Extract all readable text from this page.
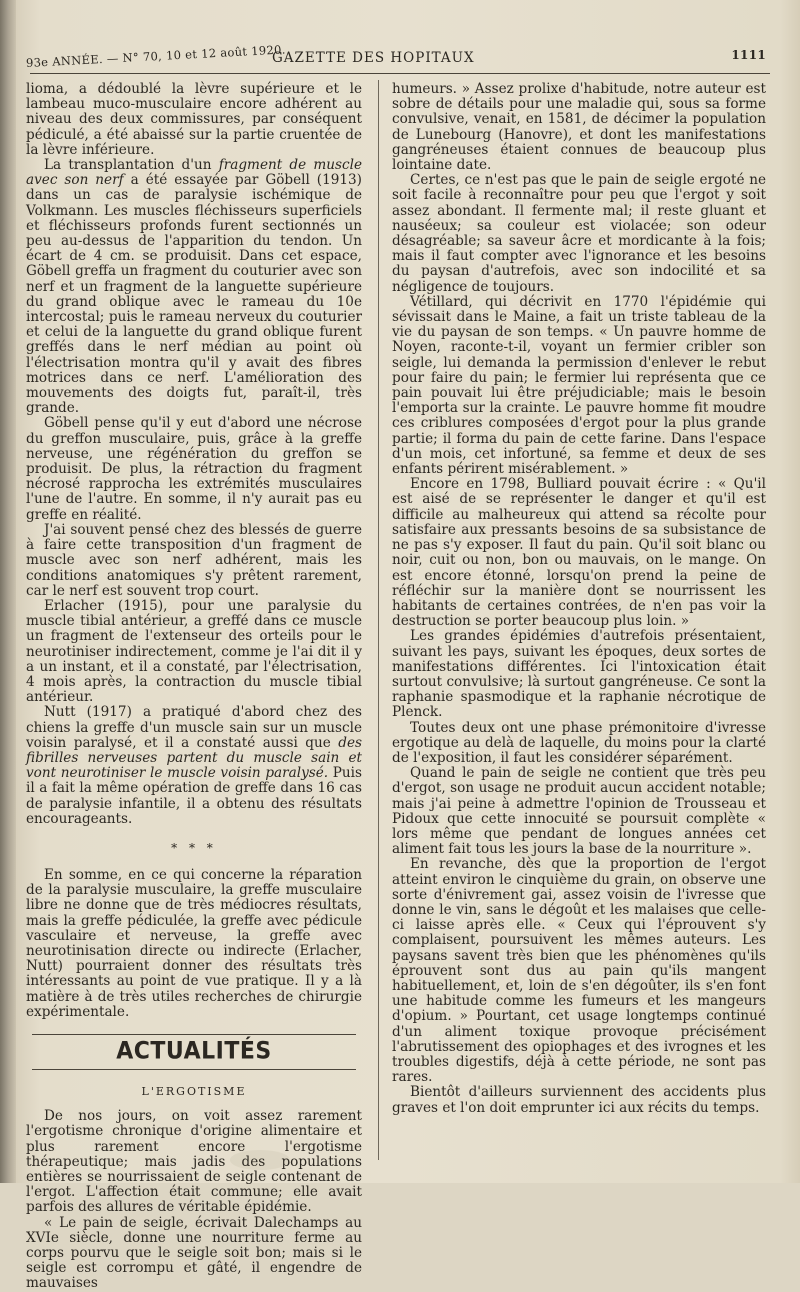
93e ANNÉE. — N° 70, 10 et 12 août 1920.
GAZETTE DES HOPITAUX	1111

lioma, a dédoublé la lèvre supérieure et le lambeau muco-musculaire encore adhérent au niveau des deux commissures, par conséquent pédiculé, a été abaissé sur la partie cruentée de la lèvre inférieure.

La transplantation d'un fragment de muscle avec son nerf a été essayée par Göbell (1913) dans un cas de paralysie ischémique de Volkmann. Les muscles fléchisseurs superficiels et fléchisseurs profonds furent sectionnés un peu au-dessus de l'apparition du tendon. Un écart de 4 cm. se produisit. Dans cet espace, Göbell greffa un fragment du couturier avec son nerf et un fragment de la languette supérieure du grand oblique avec le rameau du 10e intercostal; puis le rameau nerveux du couturier et celui de la languette du grand oblique furent greffés dans le nerf médian au point où l'électrisation montra qu'il y avait des fibres motrices dans ce nerf. L'amélioration des mouvements des doigts fut, paraît-il, très grande.

Göbell pense qu'il y eut d'abord une nécrose du greffon musculaire, puis, grâce à la greffe nerveuse, une régénération du greffon se produisit. De plus, la rétraction du fragment nécrosé rapprocha les extrémités musculaires l'une de l'autre. En somme, il n'y aurait pas eu greffe en réalité.

J'ai souvent pensé chez des blessés de guerre à faire cette transposition d'un fragment de muscle avec son nerf adhérent, mais les conditions anatomiques s'y prêtent rarement, car le nerf est souvent trop court.

Erlacher (1915), pour une paralysie du muscle tibial antérieur, a greffé dans ce muscle un fragment de l'extenseur des orteils pour le neurotiniser indirectement, comme je l'ai dit il y a un instant, et il a constaté, par l'électrisation, 4 mois après, la contraction du muscle tibial antérieur.

Nutt (1917) a pratiqué d'abord chez des chiens la greffe d'un muscle sain sur un muscle voisin paralysé, et il a constaté aussi que des fibrilles nerveuses partent du muscle sain et vont neurotiniser le muscle voisin paralysé. Puis il a fait la même opération de greffe dans 16 cas de paralysie infantile, il a obtenu des résultats encourageants.

* * *

En somme, en ce qui concerne la réparation de la paralysie musculaire, la greffe musculaire libre ne donne que de très médiocres résultats, mais la greffe pédiculée, la greffe avec pédicule vasculaire et nerveuse, la greffe avec neurotinisation directe ou indirecte (Erlacher, Nutt) pourraient donner des résultats très intéressants au point de vue pratique. Il y a là matière à de très utiles recherches de chirurgie expérimentale.

ACTUALITÉS
L'ERGOTISME

De nos jours, on voit assez rarement l'ergotisme chronique d'origine alimentaire et plus rarement encore l'ergotisme thérapeutique; mais jadis des populations entières se nourrissaient de seigle contenant de l'ergot. L'affection était commune; elle avait parfois des allures de véritable épidémie.

« Le pain de seigle, écrivait Dalechamps au XVIe siècle, donne une nourriture ferme au corps pourvu que le seigle soit bon; mais si le seigle est corrompu et gâté, il engendre de mauvaises

humeurs. » Assez prolixe d'habitude, notre auteur est sobre de détails pour une maladie qui, sous sa forme convulsive, venait, en 1581, de décimer la population de Lunebourg (Hanovre), et dont les manifestations gangréneuses étaient connues de beaucoup plus lointaine date.

Certes, ce n'est pas que le pain de seigle ergoté ne soit facile à reconnaître pour peu que l'ergot y soit assez abondant. Il fermente mal; il reste gluant et nauséeux; sa couleur est violacée; son odeur désagréable; sa saveur âcre et mordicante à la fois; mais il faut compter avec l'ignorance et les besoins du paysan d'autrefois, avec son indocilité et sa négligence de toujours.

Vétillard, qui décrivit en 1770 l'épidémie qui sévissait dans le Maine, a fait un triste tableau de la vie du paysan de son temps. « Un pauvre homme de Noyen, raconte-t-il, voyant un fermier cribler son seigle, lui demanda la permission d'enlever le rebut pour faire du pain; le fermier lui représenta que ce pain pouvait lui être préjudiciable; mais le besoin l'emporta sur la crainte. Le pauvre homme fit moudre ces criblures composées d'ergot pour la plus grande partie; il forma du pain de cette farine. Dans l'espace d'un mois, cet infortuné, sa femme et deux de ses enfants périrent misérablement. »

Encore en 1798, Bulliard pouvait écrire : « Qu'il est aisé de se représenter le danger et qu'il est difficile au malheureux qui attend sa récolte pour satisfaire aux pressants besoins de sa subsistance de ne pas s'y exposer. Il faut du pain. Qu'il soit blanc ou noir, cuit ou non, bon ou mauvais, on le mange. On est encore étonné, lorsqu'on prend la peine de réfléchir sur la manière dont se nourrissent les habitants de certaines contrées, de n'en pas voir la destruction se porter beaucoup plus loin. »

Les grandes épidémies d'autrefois présentaient, suivant les pays, suivant les époques, deux sortes de manifestations différentes. Ici l'intoxication était surtout convulsive; là surtout gangréneuse. Ce sont la raphanie spasmodique et la raphanie nécrotique de Plenck.

Toutes deux ont une phase prémonitoire d'ivresse ergotique au delà de laquelle, du moins pour la clarté de l'exposition, il faut les considérer séparément.

Quand le pain de seigle ne contient que très peu d'ergot, son usage ne produit aucun accident notable; mais j'ai peine à admettre l'opinion de Trousseau et Pidoux que cette innocuité se poursuit complète « lors même que pendant de longues années cet aliment fait tous les jours la base de la nourriture ».

En revanche, dès que la proportion de l'ergot atteint environ le cinquième du grain, on observe une sorte d'énivrement gai, assez voisin de l'ivresse que donne le vin, sans le dégoût et les malaises que celle-ci laisse après elle. « Ceux qui l'éprouvent s'y complaisent, poursuivent les mêmes auteurs. Les paysans savent très bien que les phénomènes qu'ils éprouvent sont dus au pain qu'ils mangent habituellement, et, loin de s'en dégoûter, ils s'en font une habitude comme les fumeurs et les mangeurs d'opium. » Pourtant, cet usage longtemps continué d'un aliment toxique provoque précisément l'abrutissement des opiophages et des ivrognes et les troubles digestifs, déjà à cette période, ne sont pas rares.

Bientôt d'ailleurs surviennent des accidents plus graves et l'on doit emprunter ici aux récits du temps.
